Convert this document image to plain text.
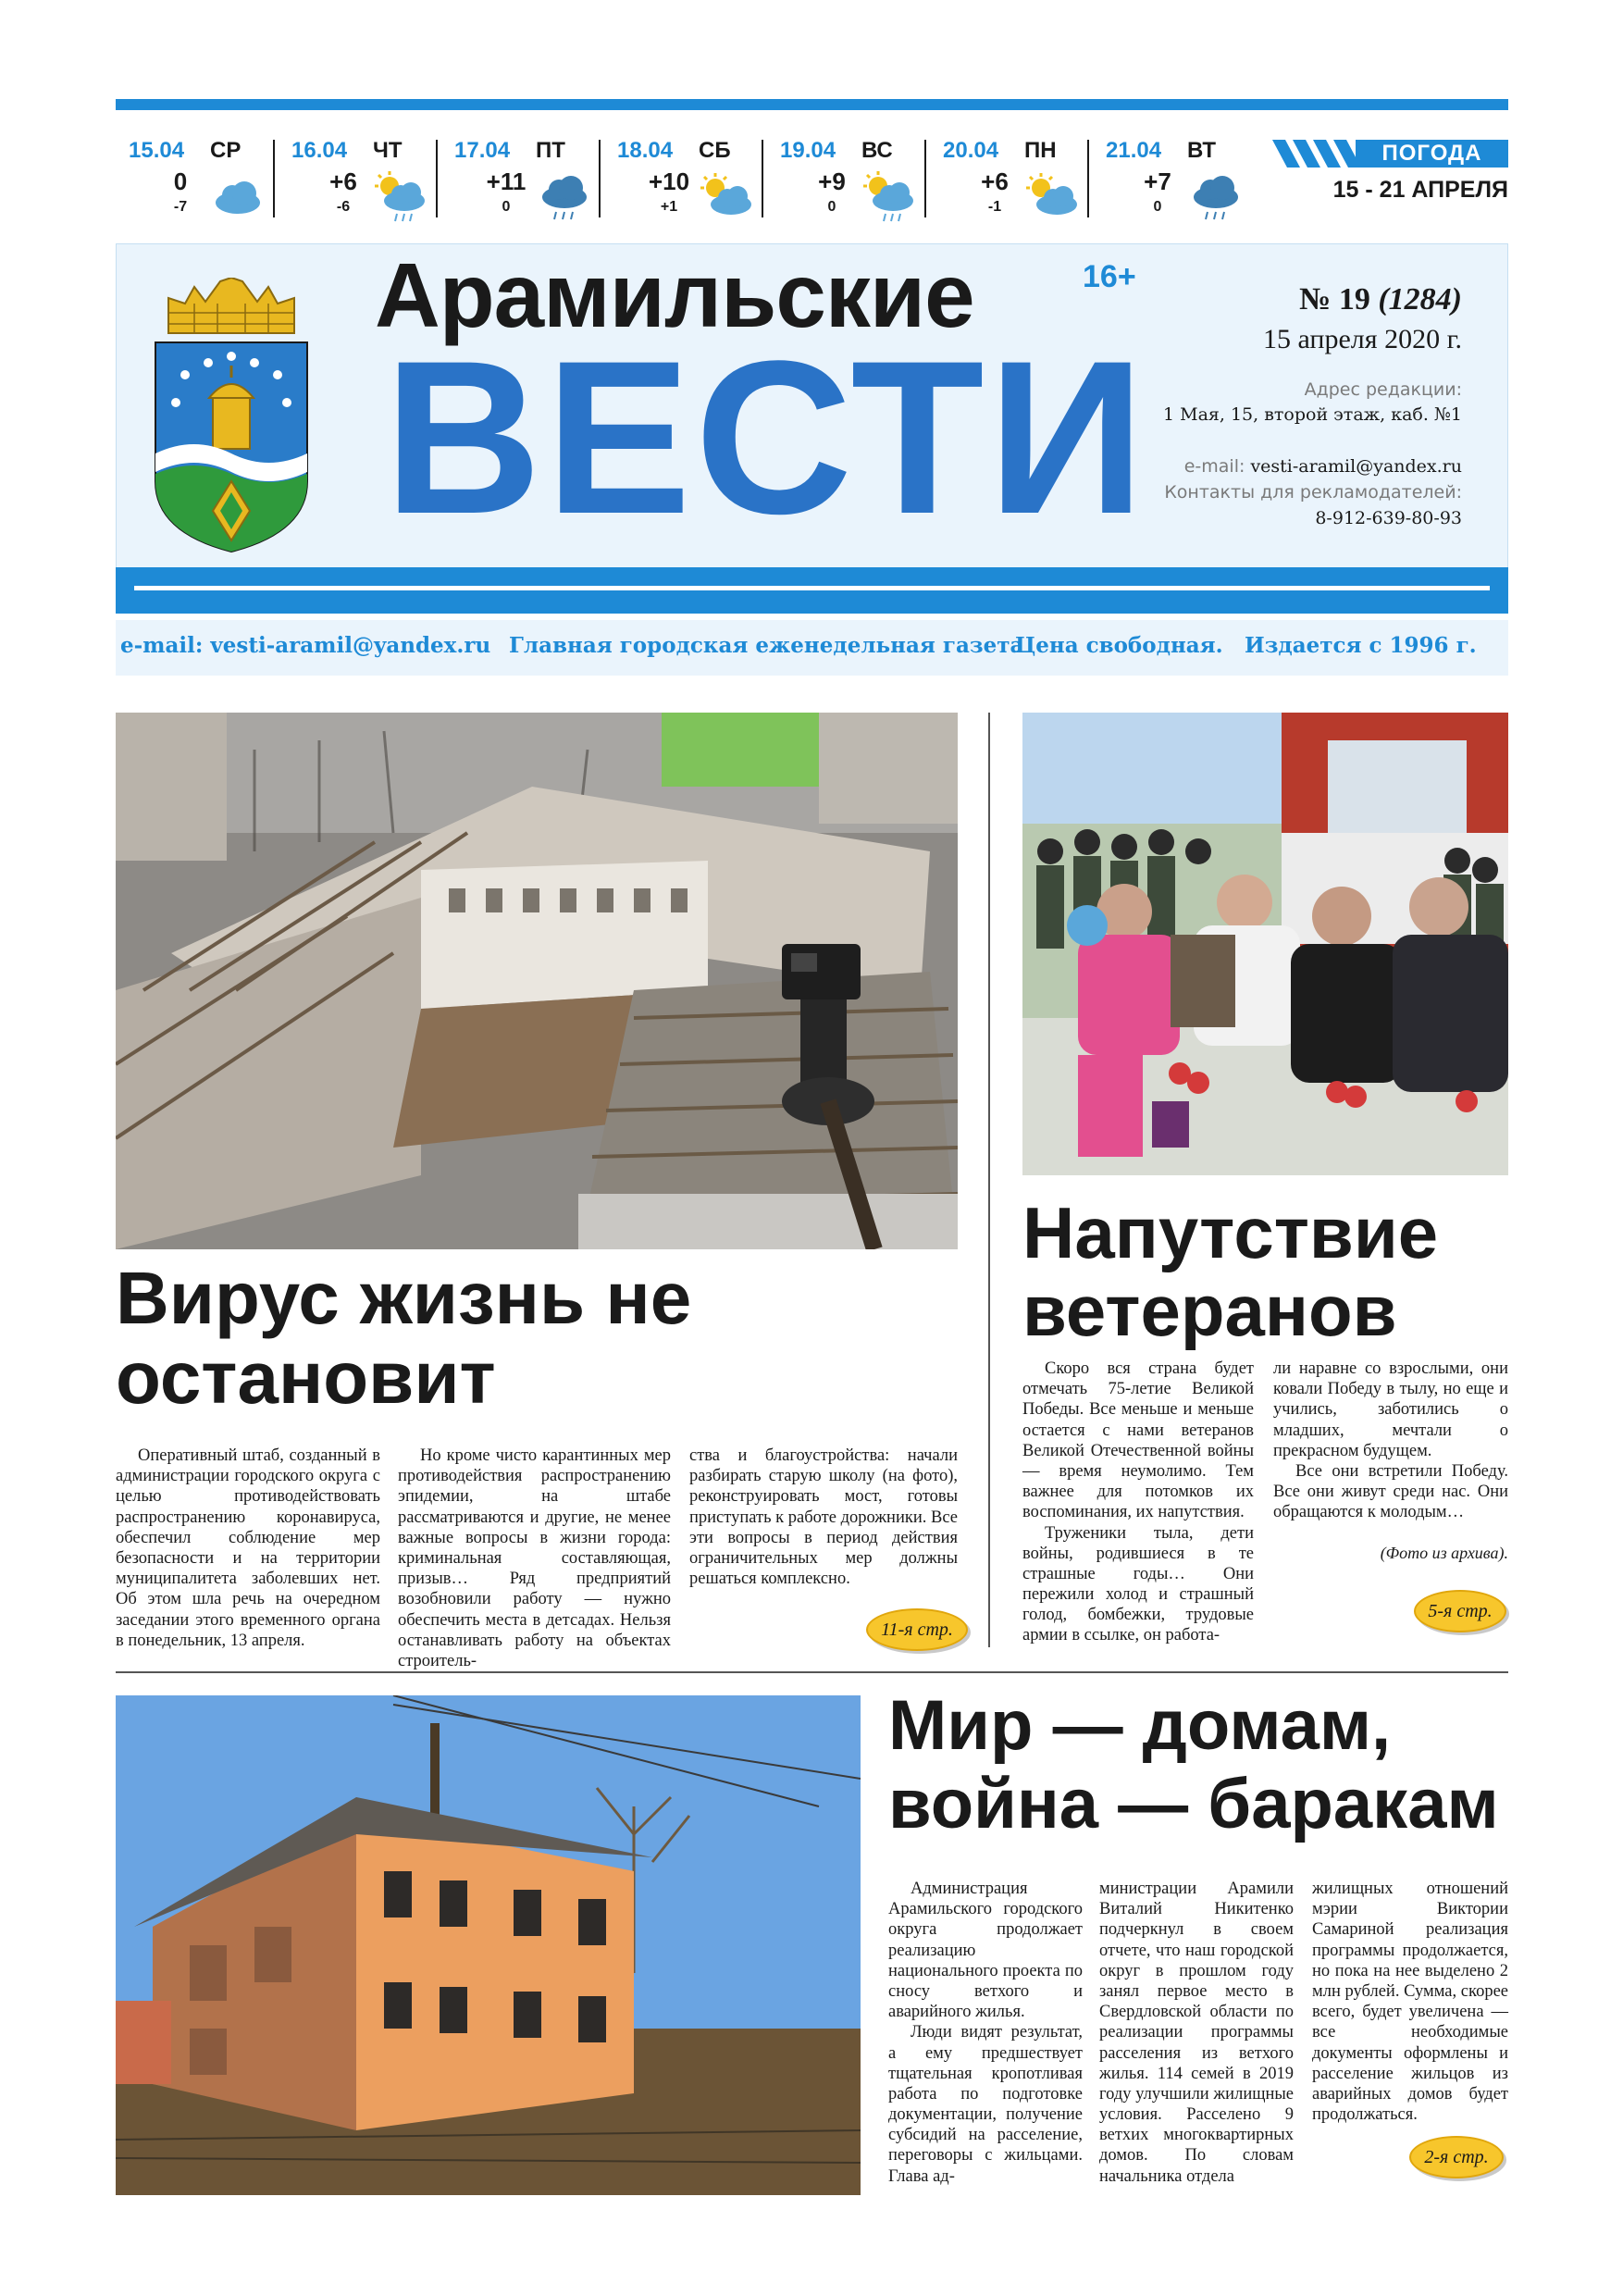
15.04 СР
0
-7
16.04 ЧТ
+6
-6
17.04 ПТ
+11
0
18.04 СБ
+10
+1
19.04 ВС
+9
0
20.04 ПН
+6
-1
21.04 ВТ
+7
0
ПОГОДА
15 - 21 АПРЕЛЯ
Арамильские
ВЕСТИ
16+
№ 19 (1284)
15 апреля 2020 г.
Адрес редакции:
1 Мая, 15, второй этаж, каб. №1
e-mail: vesti-aramil@yandex.ru
Контакты для рекламодателей:
8-912-639-80-93
e-mail: vesti-aramil@yandex.ru Главная городская еженедельная газета
Цена свободная. Издается с 1996 г.
Вирус жизнь не
остановит
Оперативный штаб, созданный в администрации городского округа с целью противодействовать распространению коронавируса, обеспечил соблюдение мер безопасности и на территории муниципалитета заболевших нет. Об этом шла речь на очередном заседании этого временного органа в понедельник, 13 апреля.
Но кроме чисто карантинных мер противодействия распространению эпидемии, на штабе рассматриваются и другие, не менее важные вопросы в жизни города: криминальная составляющая, призыв… Ряд предприятий возобновили работу — нужно обеспечить места в детсадах. Нельзя останавливать работу на объектах строитель-
ства и благоустройства: начали разбирать старую школу (на фото), реконструировать мост, готовы приступать к работе дорожники. Все эти вопросы в период действия ограничительных мер должны решаться комплексно.
11-я стр.
Напутствие
ветеранов

Скоро вся страна будет отмечать 75-летие Великой Победы. Все меньше и меньше остается с нами ветеранов Великой Отечественной войны — время неумолимо. Тем важнее для потомков их воспоминания, их напутствия.

Труженики тыла, дети войны, родившиеся в те страшные годы… Они пережили холод и страшный голод, бомбежки, трудовые армии в ссылке, он работа-

ли наравне со взрослыми, они ковали Победу в тылу, но еще и учились, заботились о младших, мечтали о прекрасном будущем.

Все они встретили Победу. Все они живут среди нас. Они обращаются к молодым…

(Фото из архива).
5-я стр.
Мир — домам,
война — баракам

Администрация Арамильского городского округа продолжает реализацию национального проекта по сносу ветхого и аварийного жилья.

Люди видят результат, а ему предшествует тщательная кропотливая работа по подготовке документации, получение субсидий на расселение, переговоры с жильцами. Глава ад-

министрации Арамили Виталий Никитенко подчеркнул в своем отчете, что наш городской округ в прошлом году занял первое место в Свердловской области по реализации программы расселения из ветхого жилья. 114 семей в 2019 году улучшили жилищные условия. Расселено 9 ветхих многоквартирных домов. По словам начальника отдела
жилищных отношений мэрии Виктории Самариной реализация программы продолжается, но пока на нее выделено 2 млн рублей. Сумма, скорее всего, будет увеличена — все необходимые документы оформлены и расселение жильцов из аварийных домов будет продолжаться.
2-я стр.
